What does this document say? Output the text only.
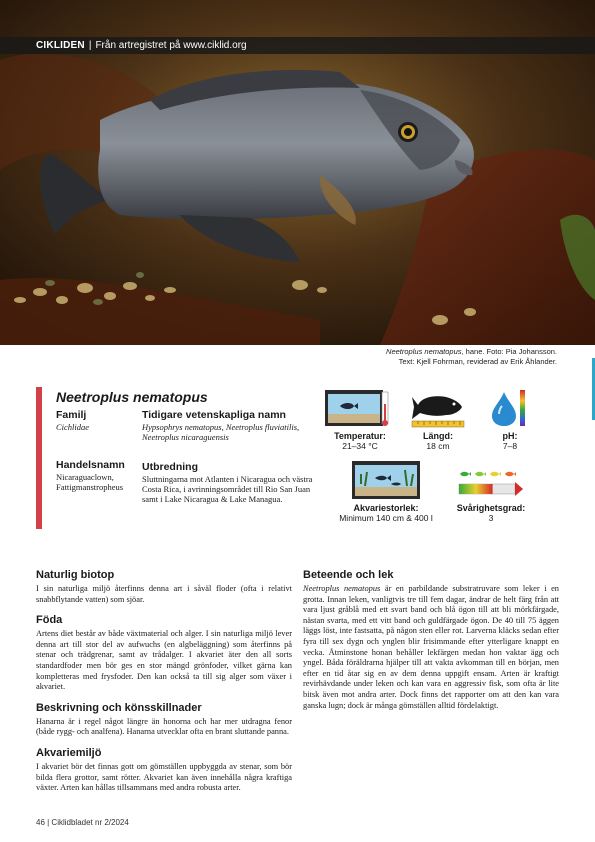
CIKLIDEN | Från artregistret på www.ciklid.org
Neetroplus nematopus, hane. Foto: Pia Johansson.
Text: Kjell Fohrman, reviderad av Erik Åhlander.
Neetroplus nematopus
Familj
Cichlidae
Tidigare vetenskapliga namn
Hypsophrys nematopus, Neetroplus fluviatilis, Neetroplus nicaraguensis
Handelsnamn
Nicaraguaclown, Fattigmanstropheus
Utbredning
Sluttningarna mot Atlanten i Nicaragua och västra Costa Rica, i avrinningsområdet till Rio San Juan samt i Lake Nicaragua & Lake Managua.
Temperatur:
21–34 °C
Längd:
18 cm
pH:
7–8
Akvariestorlek:
Minimum 140 cm & 400 l
Svårighetsgrad:
3
Naturlig biotop

I sin naturliga miljö återfinns denna art i såväl floder (ofta i relativt snabbflytande vatten) som sjöar.

Föda

Artens diet består av både växtmaterial och alger. I sin naturliga miljö lever denna art till stor del av aufwuchs (en algbeläggning) som återfinns på stenar och trädgrenar, samt av trådalger. I akvariet äter den all sorts standardfoder men bör ges en stor mängd grönfoder, vilket gärna kan kompletteras med frysfoder. Den kan också ta till sig alger som växer i akvariet.

Beskrivning och könsskillnader

Hanarna är i regel något längre än honorna och har mer utdragna fenor (både rygg- och analfena). Hanarna utvecklar ofta en brant sluttande panna.

Akvariemiljö

I akvariet bör det finnas gott om gömställen uppbyggda av stenar, som bör bilda flera grottor, samt rötter. Akvariet kan även innehålla några kraftiga växter. Arten kan hållas tillsammans med andra robusta arter.

Beteende och lek

Neetroplus nematopus är en parbildande substratruvare som leker i en grotta. Innan leken, vanligtvis tre till fem dagar, ändrar de helt färg från att vara ljust gråblå med ett svart band och blå ögon till att bli mörkfärgade, nästan svarta, med ett vitt band och guldfärgade ögon. De 40 till 75 äggen läggs löst, inte fastsatta, på någon sten eller rot. Larverna kläcks sedan efter fyra till sex dygn och ynglen blir frisimmande efter ytterligare knappt en vecka. Åtminstone honan behåller lekfärgen medan hon vaktar ägg och yngel. Båda föräldrarna hjälper till att vakta avkomman till en början, men efter en tid åtar sig en av dem denna uppgift ensam. Arten är kraftigt revirhävdande under leken och kan vara en aggressiv fisk, som ofta är lite bitsk även mot andra arter. Dock finns det rapporter om att den kan vara ganska lugn; dock är många gömställen alltid fördelaktigt.

46 | Ciklidbladet nr 2/2024
